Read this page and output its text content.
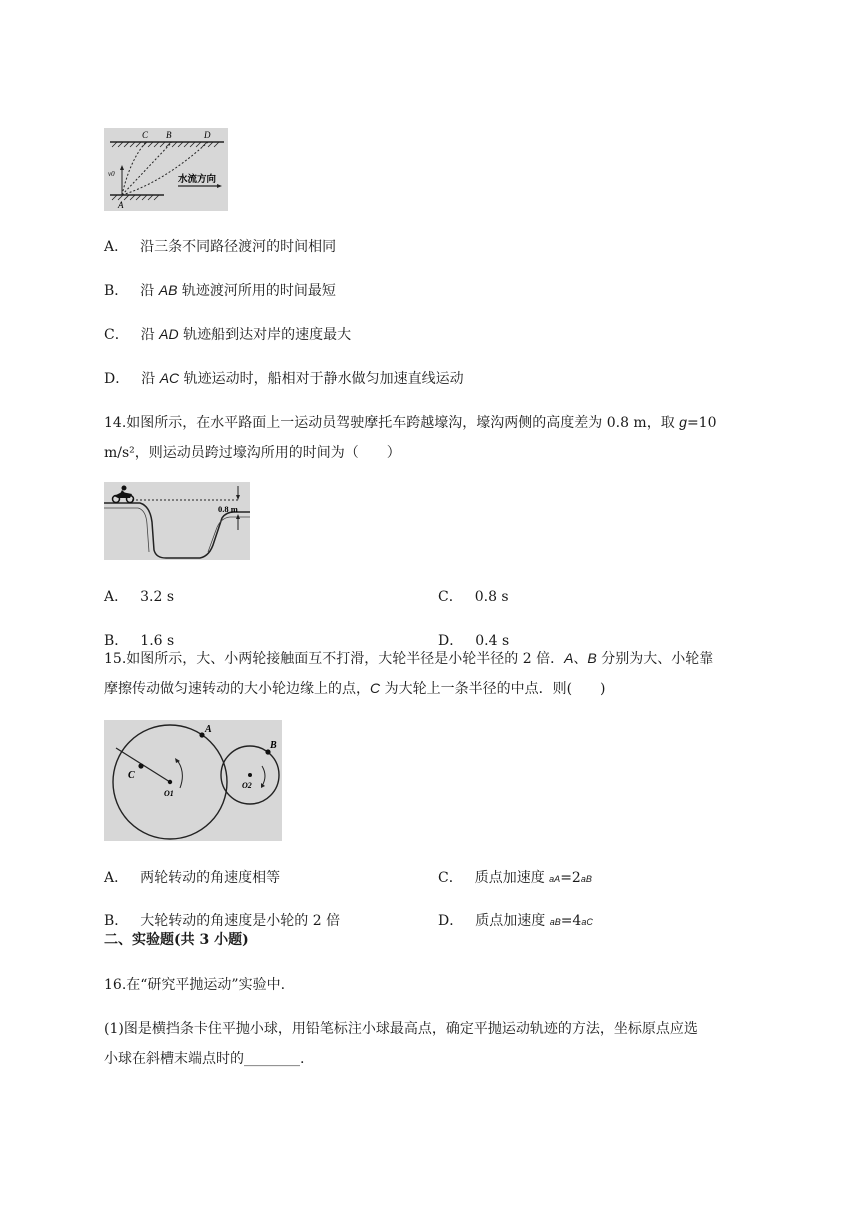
C B	D
v0
A
水流方向
A． 沿三条不同路径渡河的时间相同
B． 沿 AB 轨迹渡河所用的时间最短
C． 沿 AD 轨迹船到达对岸的速度最大
D． 沿 AC 轨迹运动时，船相对于静水做匀加速直线运动
14.如图所示，在水平路面上一运动员驾驶摩托车跨越壕沟，壕沟两侧的高度差为 0.8 m，取 g=10
m/s²，则运动员跨过壕沟所用的时间为（　　）
0.8 m
A． 3.2 s	C． 0.8 s
B． 1.6 s	D． 0.4 s
15.如图所示，大、小两轮接触面互不打滑，大轮半径是小轮半径的 2 倍．A、B 分别为大、小轮靠
摩擦传动做匀速转动的大小轮边缘上的点，C 为大轮上一条半径的中点．则(　　)
A
B
C
O1
O2
A． 两轮转动的角速度相等	C． 质点加速度 aA=2aB
B． 大轮转动的角速度是小轮的 2 倍	D． 质点加速度 aB=4aC
二、实验题(共 3 小题)
16.在“研究平抛运动”实验中.
(1)图是横挡条卡住平抛小球，用铅笔标注小球最高点，确定平抛运动轨迹的方法，坐标原点应选
小球在斜槽末端点时的________.
